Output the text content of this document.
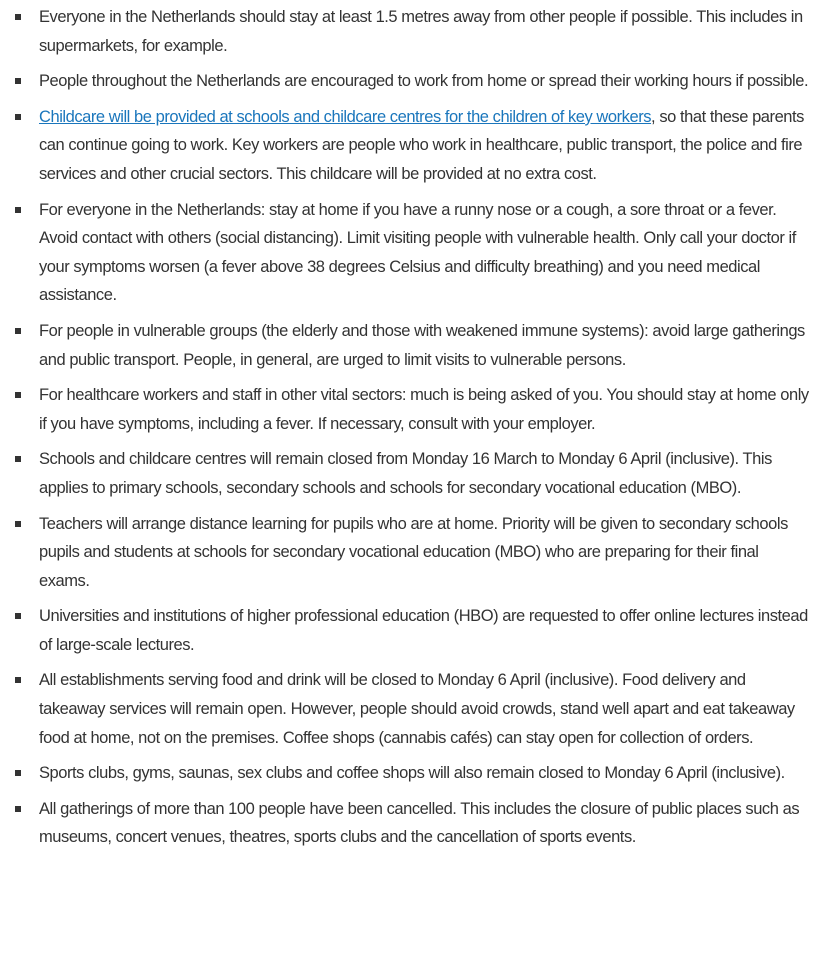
Everyone in the Netherlands should stay at least 1.5 metres away from other people if possible. This includes in supermarkets, for example.
People throughout the Netherlands are encouraged to work from home or spread their working hours if possible.
Childcare will be provided at schools and childcare centres for the children of key workers, so that these parents can continue going to work. Key workers are people who work in healthcare, public transport, the police and fire services and other crucial sectors. This childcare will be provided at no extra cost.
For everyone in the Netherlands: stay at home if you have a runny nose or a cough, a sore throat or a fever. Avoid contact with others (social distancing). Limit visiting people with vulnerable health. Only call your doctor if your symptoms worsen (a fever above 38 degrees Celsius and difficulty breathing) and you need medical assistance.
For people in vulnerable groups (the elderly and those with weakened immune systems): avoid large gatherings and public transport. People, in general, are urged to limit visits to vulnerable persons.
For healthcare workers and staff in other vital sectors: much is being asked of you. You should stay at home only if you have symptoms, including a fever. If necessary, consult with your employer.
Schools and childcare centres will remain closed from Monday 16 March to Monday 6 April (inclusive). This applies to primary schools, secondary schools and schools for secondary vocational education (MBO).
Teachers will arrange distance learning for pupils who are at home. Priority will be given to secondary schools pupils and students at schools for secondary vocational education (MBO) who are preparing for their final exams.
Universities and institutions of higher professional education (HBO) are requested to offer online lectures instead of large-scale lectures.
All establishments serving food and drink will be closed to Monday 6 April (inclusive). Food delivery and takeaway services will remain open. However, people should avoid crowds, stand well apart and eat takeaway food at home, not on the premises. Coffee shops (cannabis cafés) can stay open for collection of orders.
Sports clubs, gyms, saunas, sex clubs and coffee shops will also remain closed to Monday 6 April (inclusive).
All gatherings of more than 100 people have been cancelled. This includes the closure of public places such as museums, concert venues, theatres, sports clubs and the cancellation of sports events.
